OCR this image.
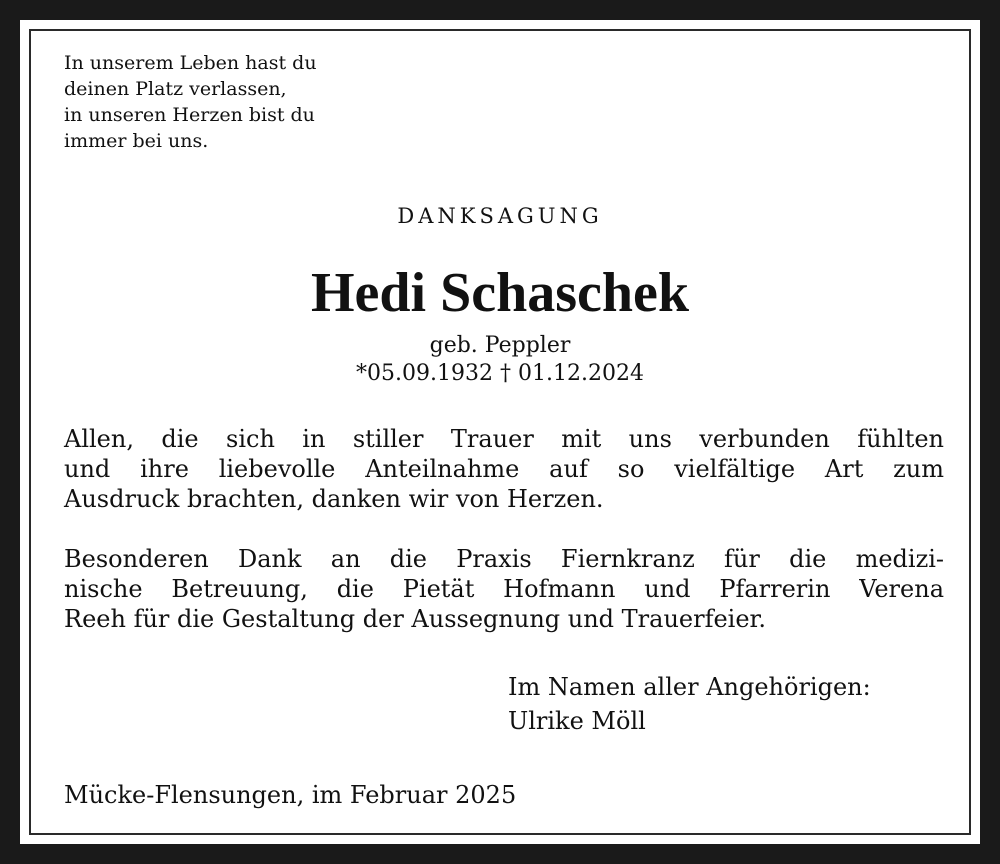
In unserem Leben hast du
deinen Platz verlassen,
in unseren Herzen bist du
immer bei uns.
DANKSAGUNG
Hedi Schaschek
geb. Peppler
*05.09.1932 † 01.12.2024
Allen, die sich in stiller Trauer mit uns verbunden fühlten
und ihre liebevolle Anteilnahme auf so vielfältige Art zum
Ausdruck brachten, danken wir von Herzen.
Besonderen Dank an die Praxis Fiernkranz für die medizi-
nische Betreuung, die Pietät Hofmann und Pfarrerin Verena
Reeh für die Gestaltung der Aussegnung und Trauerfeier.
Im Namen aller Angehörigen:
Ulrike Möll
Mücke-Flensungen, im Februar 2025
